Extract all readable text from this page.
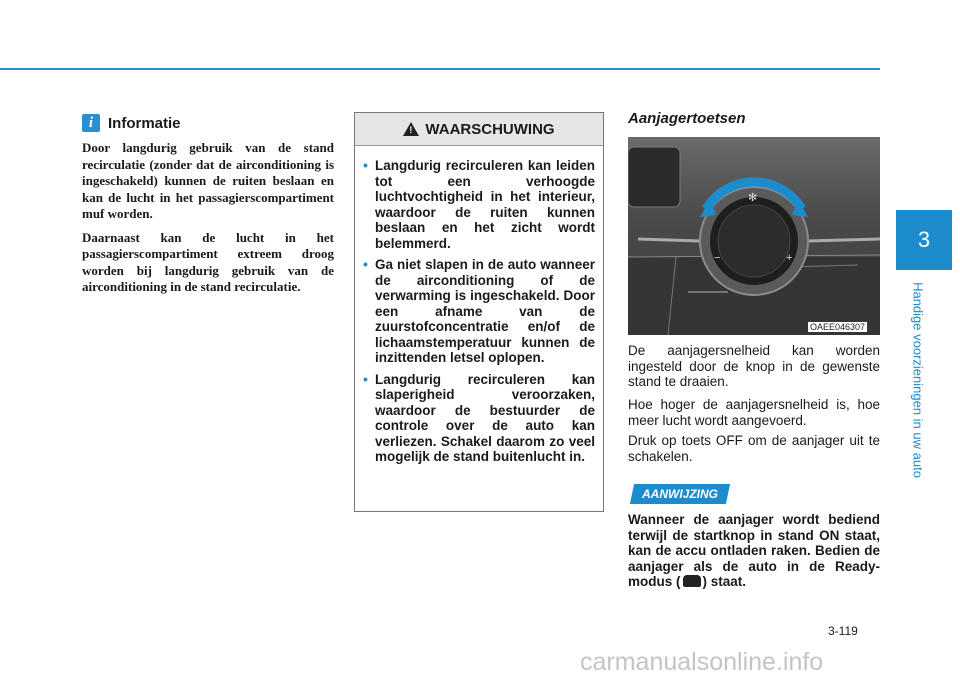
3
Handige voorzieningen in uw auto
i Informatie

Door langdurig gebruik van de stand recirculatie (zonder dat de airconditioning is ingeschakeld) kunnen de ruiten beslaan en kan de lucht in het passagierscompartiment muf worden.

Daarnaast kan de lucht in het passagierscompartiment extreem droog worden bij langdurig gebruik van de airconditioning in de stand recirculatie.

! WAARSCHUWING
• Langdurig recirculeren kan leiden tot een verhoogde luchtvochtigheid in het interieur, waardoor de ruiten kunnen beslaan en het zicht wordt belemmerd.
• Ga niet slapen in de auto wanneer de airconditioning of de verwarming is ingeschakeld. Door een afname van de zuurstofconcentratie en/of de lichaamstemperatuur kunnen de inzittenden letsel oplopen.
• Langdurig recirculeren kan slaperigheid veroorzaken, waardoor de bestuurder de controle over de auto kan verliezen. Schakel daarom zo veel mogelijk de stand buitenlucht in.
Aanjagertoetsen
✻
−	+
OAEE046307
De aanjagersnelheid kan worden ingesteld door de knop in de gewenste stand te draaien.
Hoe hoger de aanjagersnelheid is, hoe meer lucht wordt aangevoerd.
Druk op toets OFF om de aanjager uit te schakelen.
AANWIJZING
Wanneer de aanjager wordt bediend terwijl de startknop in stand ON staat, kan de accu ontladen raken. Bedien de aanjager als de auto in de Ready-modus ( ) staat.
3-119
carmanualsonline.info
